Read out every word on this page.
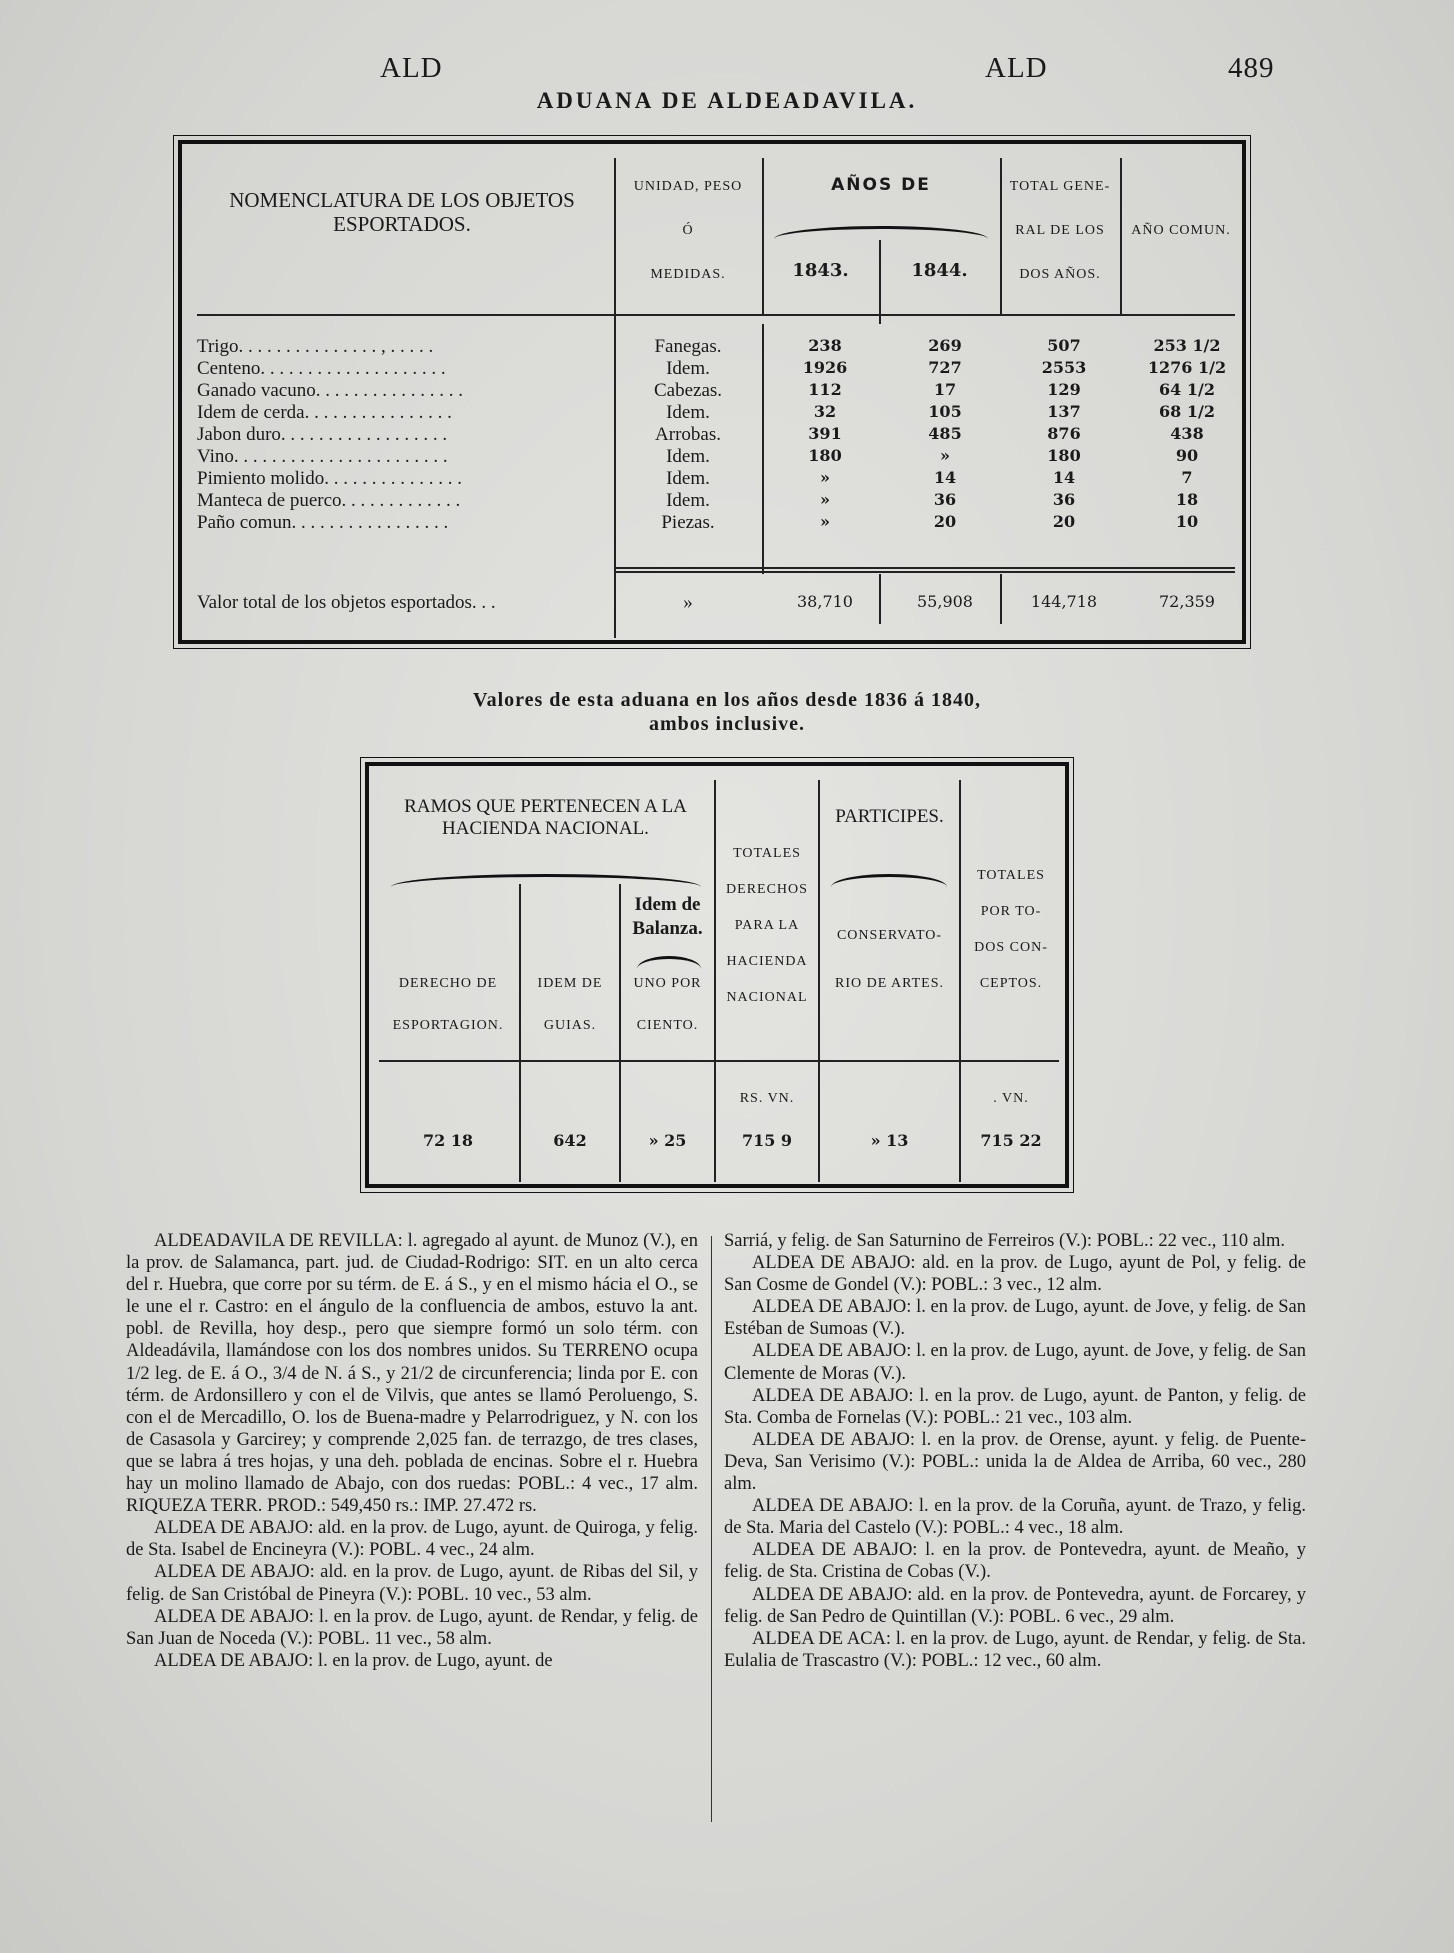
ALD	ALD	489
ADUANA DE ALDEADAVILA.
NOMENCLATURA DE LOS OBJETOS ESPORTADOS.
UNIDAD, PESO
Ó
MEDIDAS.
AÑOS DE
1843.	1844.
TOTAL GENE-
RAL DE LOS
DOS AÑOS.
AÑO COMUN.
Trigo. . . . . . . . . . . . . . . , . . . . .	Fanegas.	238	269	507	253 1/2
Centeno. . . . . . . . . . . . . . . . . . . .	Idem.	1926	727	2553	1276 1/2
Ganado vacuno. . . . . . . . . . . . . . . .	Cabezas.	112	17	129	64 1/2
Idem de cerda. . . . . . . . . . . . . . . .	Idem.	32	105	137	68 1/2
Jabon duro. . . . . . . . . . . . . . . . . .	Arrobas.	391	485	876	438
Vino. . . . . . . . . . . . . . . . . . . . . . .	Idem.	180	»	180	90
Pimiento molido. . . . . . . . . . . . . . .	Idem.	»	14	14	7
Manteca de puerco. . . . . . . . . . . . .	Idem.	»	36	36	18
Paño comun. . . . . . . . . . . . . . . . .	Piezas.	»	20	20	10
Valor total de los objetos esportados. . .	»	38,710	55,908	144,718	72,359
Valores de esta aduana en los años desde 1836 á 1840,
ambos inclusive.
RAMOS QUE PERTENECEN A LA HACIENDA NACIONAL.
Idem de
Balanza.
DERECHO DE
ESPORTAGION.
IDEM DE
GUIAS.
UNO POR
CIENTO.
TOTALES
DERECHOS
PARA LA
HACIENDA
NACIONAL
PARTICIPES.
CONSERVATO-
RIO DE ARTES.
TOTALES
POR TO-
DOS CON-
CEPTOS.
RS. VN.	. VN.
72 18	642	» 25	715 9	» 13	715 22

ALDEADAVILA DE REVILLA: l. agregado al ayunt. de Munoz (V.), en la prov. de Salamanca, part. jud. de Ciudad-Rodrigo: SIT. en un alto cerca del r. Huebra, que corre por su térm. de E. á S., y en el mismo hácia el O., se le une el r. Castro: en el ángulo de la confluencia de ambos, estuvo la ant. pobl. de Revilla, hoy desp., pero que siempre formó un solo térm. con Aldeadávila, llamándose con los dos nombres unidos. Su TERRENO ocupa 1/2 leg. de E. á O., 3/4 de N. á S., y 21/2 de circunferencia; linda por E. con térm. de Ardonsillero y con el de Vilvis, que antes se llamó Peroluengo, S. con el de Mercadillo, O. los de Buena-madre y Pelarrodriguez, y N. con los de Casasola y Garcirey; y comprende 2,025 fan. de terrazgo, de tres clases, que se labra á tres hojas, y una deh. poblada de encinas. Sobre el r. Huebra hay un molino llamado de Abajo, con dos ruedas: POBL.: 4 vec., 17 alm. RIQUEZA TERR. PROD.: 549,450 rs.: IMP. 27.472 rs.

ALDEA DE ABAJO: ald. en la prov. de Lugo, ayunt. de Quiroga, y felig. de Sta. Isabel de Encineyra (V.): POBL. 4 vec., 24 alm.

ALDEA DE ABAJO: ald. en la prov. de Lugo, ayunt. de Ribas del Sil, y felig. de San Cristóbal de Pineyra (V.): POBL. 10 vec., 53 alm.

ALDEA DE ABAJO: l. en la prov. de Lugo, ayunt. de Rendar, y felig. de San Juan de Noceda (V.): POBL. 11 vec., 58 alm.

ALDEA DE ABAJO: l. en la prov. de Lugo, ayunt. de

Sarriá, y felig. de San Saturnino de Ferreiros (V.): POBL.: 22 vec., 110 alm.

ALDEA DE ABAJO: ald. en la prov. de Lugo, ayunt de Pol, y felig. de San Cosme de Gondel (V.): POBL.: 3 vec., 12 alm.

ALDEA DE ABAJO: l. en la prov. de Lugo, ayunt. de Jove, y felig. de San Estéban de Sumoas (V.).

ALDEA DE ABAJO: l. en la prov. de Lugo, ayunt. de Jove, y felig. de San Clemente de Moras (V.).

ALDEA DE ABAJO: l. en la prov. de Lugo, ayunt. de Panton, y felig. de Sta. Comba de Fornelas (V.): POBL.: 21 vec., 103 alm.

ALDEA DE ABAJO: l. en la prov. de Orense, ayunt. y felig. de Puente-Deva, San Verisimo (V.): POBL.: unida la de Aldea de Arriba, 60 vec., 280 alm.

ALDEA DE ABAJO: l. en la prov. de la Coruña, ayunt. de Trazo, y felig. de Sta. Maria del Castelo (V.): POBL.: 4 vec., 18 alm.

ALDEA DE ABAJO: l. en la prov. de Pontevedra, ayunt. de Meaño, y felig. de Sta. Cristina de Cobas (V.).

ALDEA DE ABAJO: ald. en la prov. de Pontevedra, ayunt. de Forcarey, y felig. de San Pedro de Quintillan (V.): POBL. 6 vec., 29 alm.

ALDEA DE ACA: l. en la prov. de Lugo, ayunt. de Rendar, y felig. de Sta. Eulalia de Trascastro (V.): POBL.: 12 vec., 60 alm.
